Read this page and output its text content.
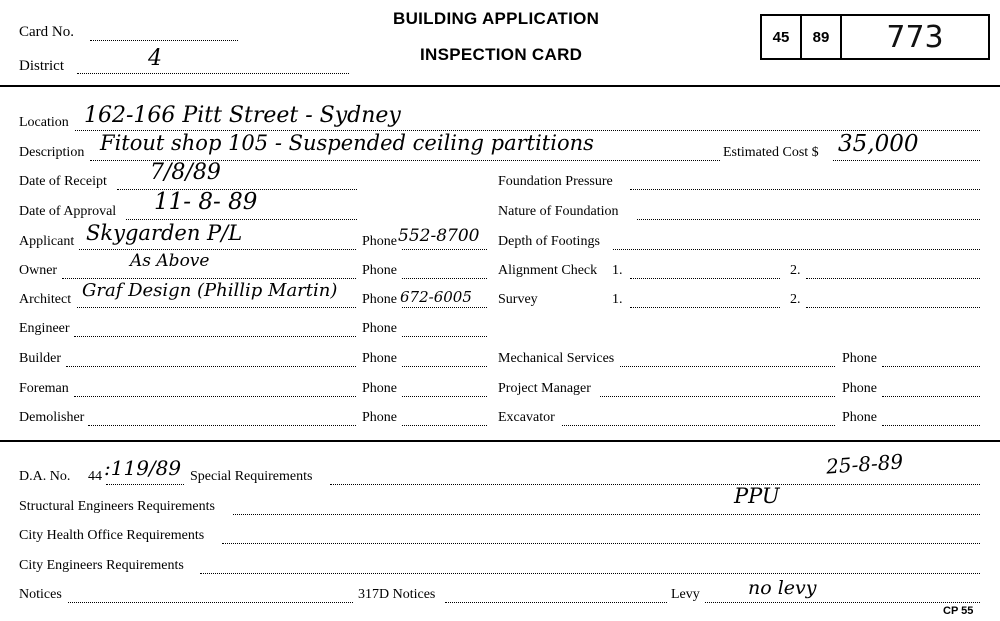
Card No.
District	4
BUILDING APPLICATION
INSPECTION CARD
45	89	773
Location 162-166 Pitt Street - Sydney
Description Fitout shop 105 - Suspended ceiling partitions	Estimated Cost $ 35,000
Date of Receipt 7/8/89
Date of Approval 11- 8- 89
Applicant Skygarden P/L	Phone 552-8700
Owner	As Above	Phone
Architect Graf Design (Phillip Martin) Phone 672-6005
Engineer	Phone
Builder	Phone
Foreman	Phone
Demolisher	Phone
Foundation Pressure
Nature of Foundation
Depth of Footings
Alignment Check 1.	2.
Survey	1.	2.
Mechanical Services	Phone
Project Manager	Phone
Excavator	Phone
D.A. No. 44 :119/89 Special Requirements	25-8-89
Structural Engineers Requirements	PPU
City Health Office Requirements
City Engineers Requirements
Notices	317D Notices	Levy	no levy
CP 55
